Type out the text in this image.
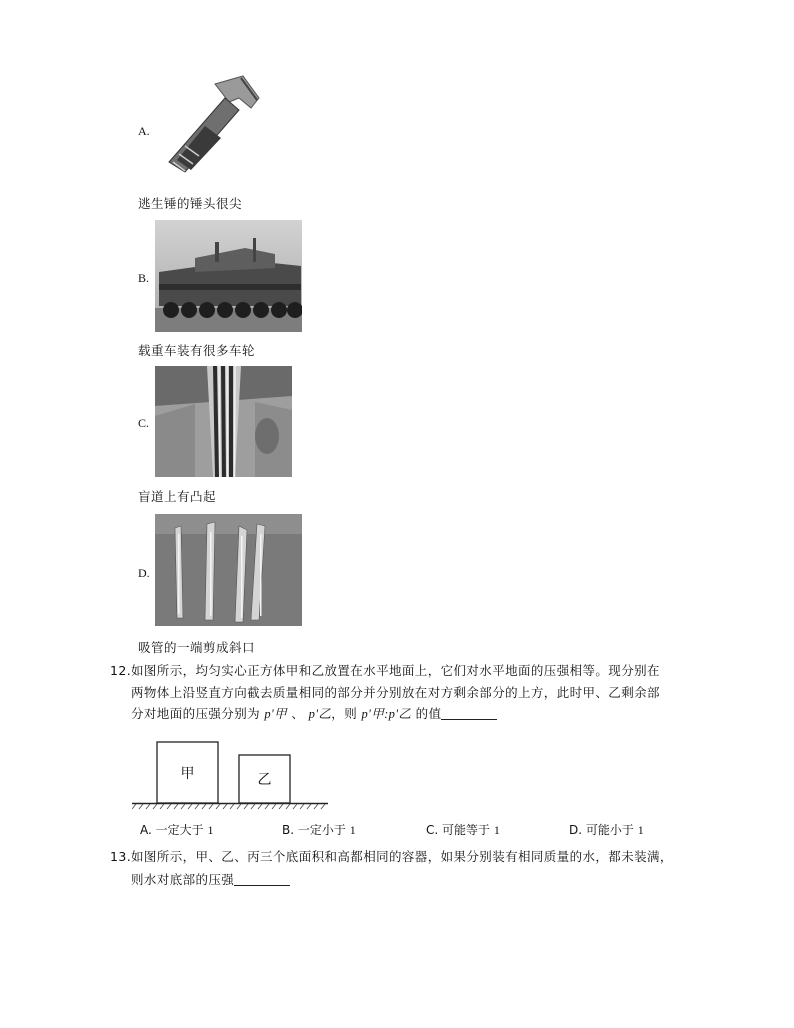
A.
逃生锤的锤头很尖
B.
载重车装有很多车轮
C.
盲道上有凸起
D.
吸管的一端剪成斜口
12. 如图所示，均匀实心正方体甲和乙放置在水平地面上，它们对水平地面的压强相等。现分别在
两物体上沿竖直方向截去质量相同的部分并分别放在对方剩余部分的上方，此时甲、乙剩余部
分对地面的压强分别为 p'甲 、 p'乙，则 p'甲:p'乙 的值
甲	乙
A. 一定大于 1	B. 一定小于 1	C. 可能等于 1	D. 可能小于 1
13. 如图所示，甲、乙、丙三个底面积和高都相同的容器，如果分别装有相同质量的水，都未装满，
则水对底部的压强
